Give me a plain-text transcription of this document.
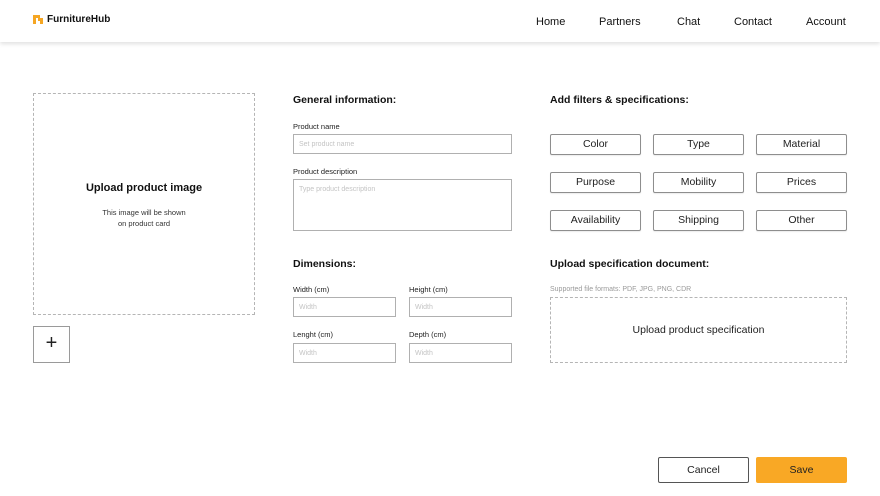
FurnitureHub	Home	Partners	Chat	Contact	Account
Upload product image
This image will be shown
on product card
+
General information:
Product name
Set product name
Product description
Type product description
Dimensions:
Width (cm)
Width
Height (cm)
Width
Lenght (cm)
Width
Depth (cm)
Width
Add filters & specifications:
Color	Type	Material
Purpose	Mobility	Prices
Availability	Shipping	Other
Upload specification document:
Supported file formats: PDF, JPG, PNG, CDR
Upload product specification
Cancel	Save
